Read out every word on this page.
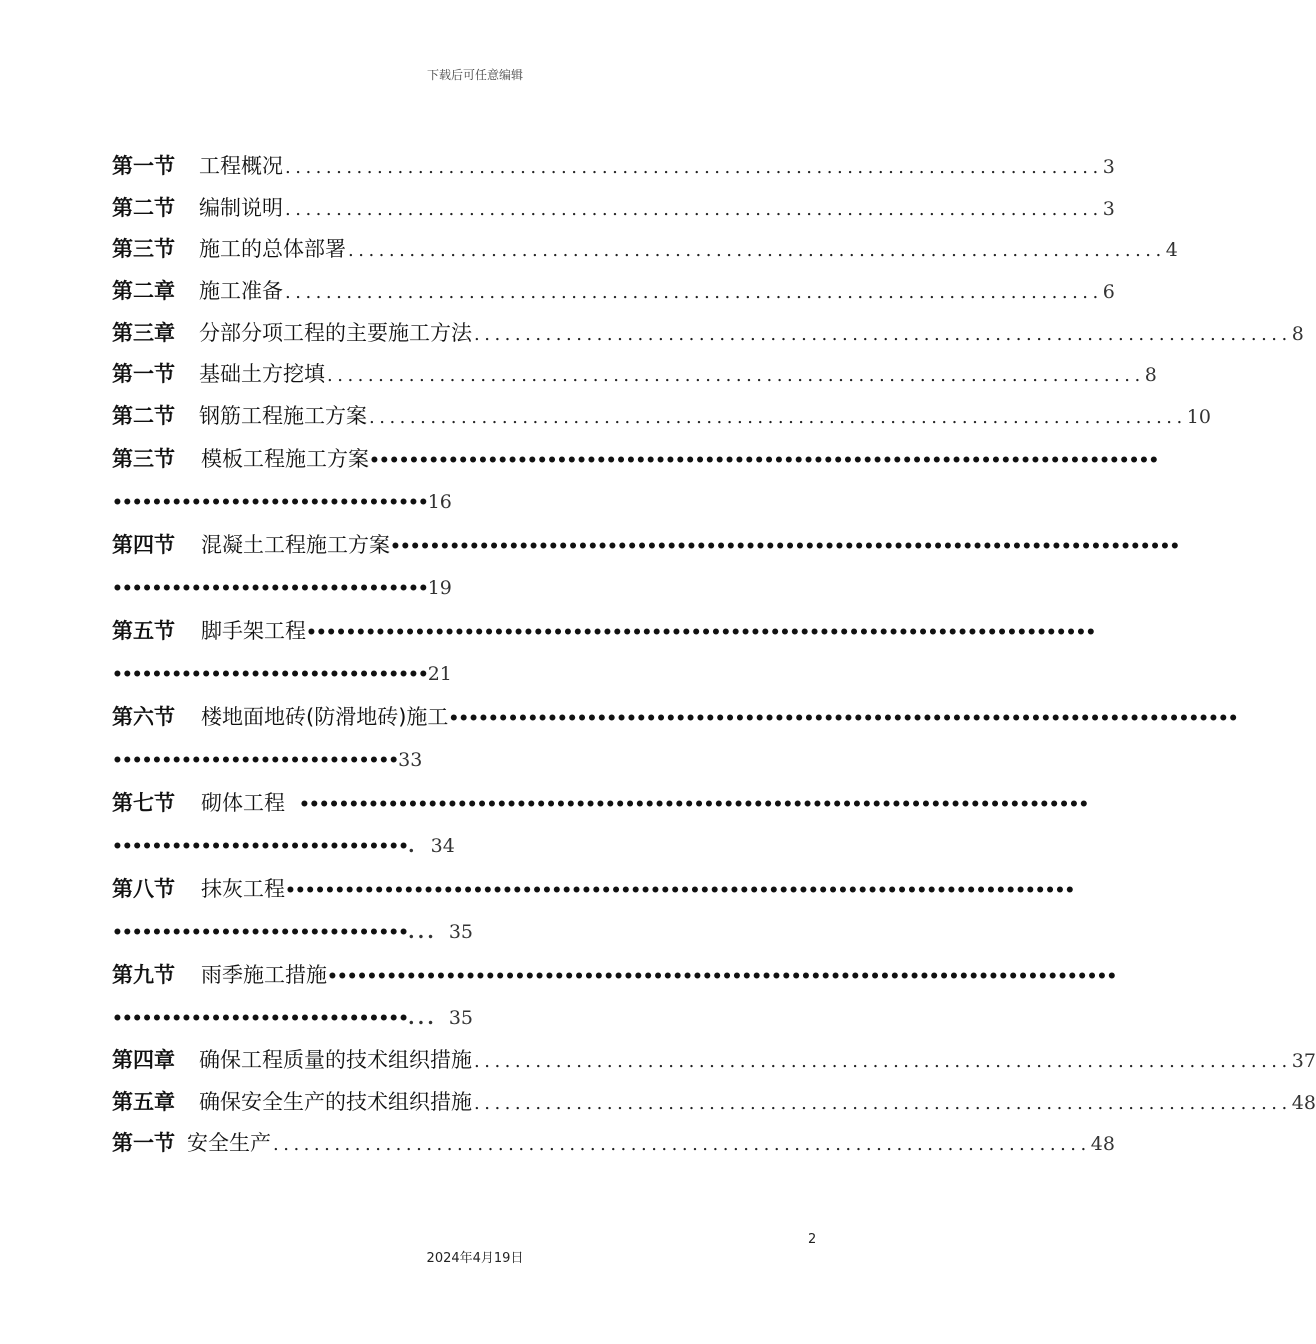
下载后可任意编辑
第一节	工程概况 ................................................................................ 3
第二节	编制说明 ................................................................................ 3
第三节	施工的总体部署 ................................................................................ 4
第二章	施工准备 ................................................................................ 6
第三章	分部分项工程的主要施工方法 ................................................................................ 8
第一节	基础土方挖填 ................................................................................ 8
第二节	钢筋工程施工方案 ................................................................................ 10
第三节	模板工程施工方案 ••••••••••••••••••••••••••••••••••••••••••••••••••••••••••••••••••••••••••••••••
•••••••••••••••••••••••••••••••• 16
第四节	混凝土工程施工方案 ••••••••••••••••••••••••••••••••••••••••••••••••••••••••••••••••••••••••••••••••
•••••••••••••••••••••••••••••••• 19
第五节	脚手架工程 ••••••••••••••••••••••••••••••••••••••••••••••••••••••••••••••••••••••••••••••••
•••••••••••••••••••••••••••••••• 21
第六节	楼地面地砖(防滑地砖)施工 ••••••••••••••••••••••••••••••••••••••••••••••••••••••••••••••••••••••••••••••••
••••••••••••••••••••••••••••• 33
第七节	砌体工程 ••••••••••••••••••••••••••••••••••••••••••••••••••••••••••••••••••••••••••••••••
•••••••••••••••••••••••••••••• . 34
第八节	抹灰工程 ••••••••••••••••••••••••••••••••••••••••••••••••••••••••••••••••••••••••••••••••
•••••••••••••••••••••••••••••• ... 35
第九节	雨季施工措施 ••••••••••••••••••••••••••••••••••••••••••••••••••••••••••••••••••••••••••••••••
•••••••••••••••••••••••••••••• ... 35
第四章	确保工程质量的技术组织措施 ................................................................................ 37
第五章	确保安全生产的技术组织措施 ................................................................................ 48
第一节 安全生产 ................................................................................ 48
2
2024年4月19日
